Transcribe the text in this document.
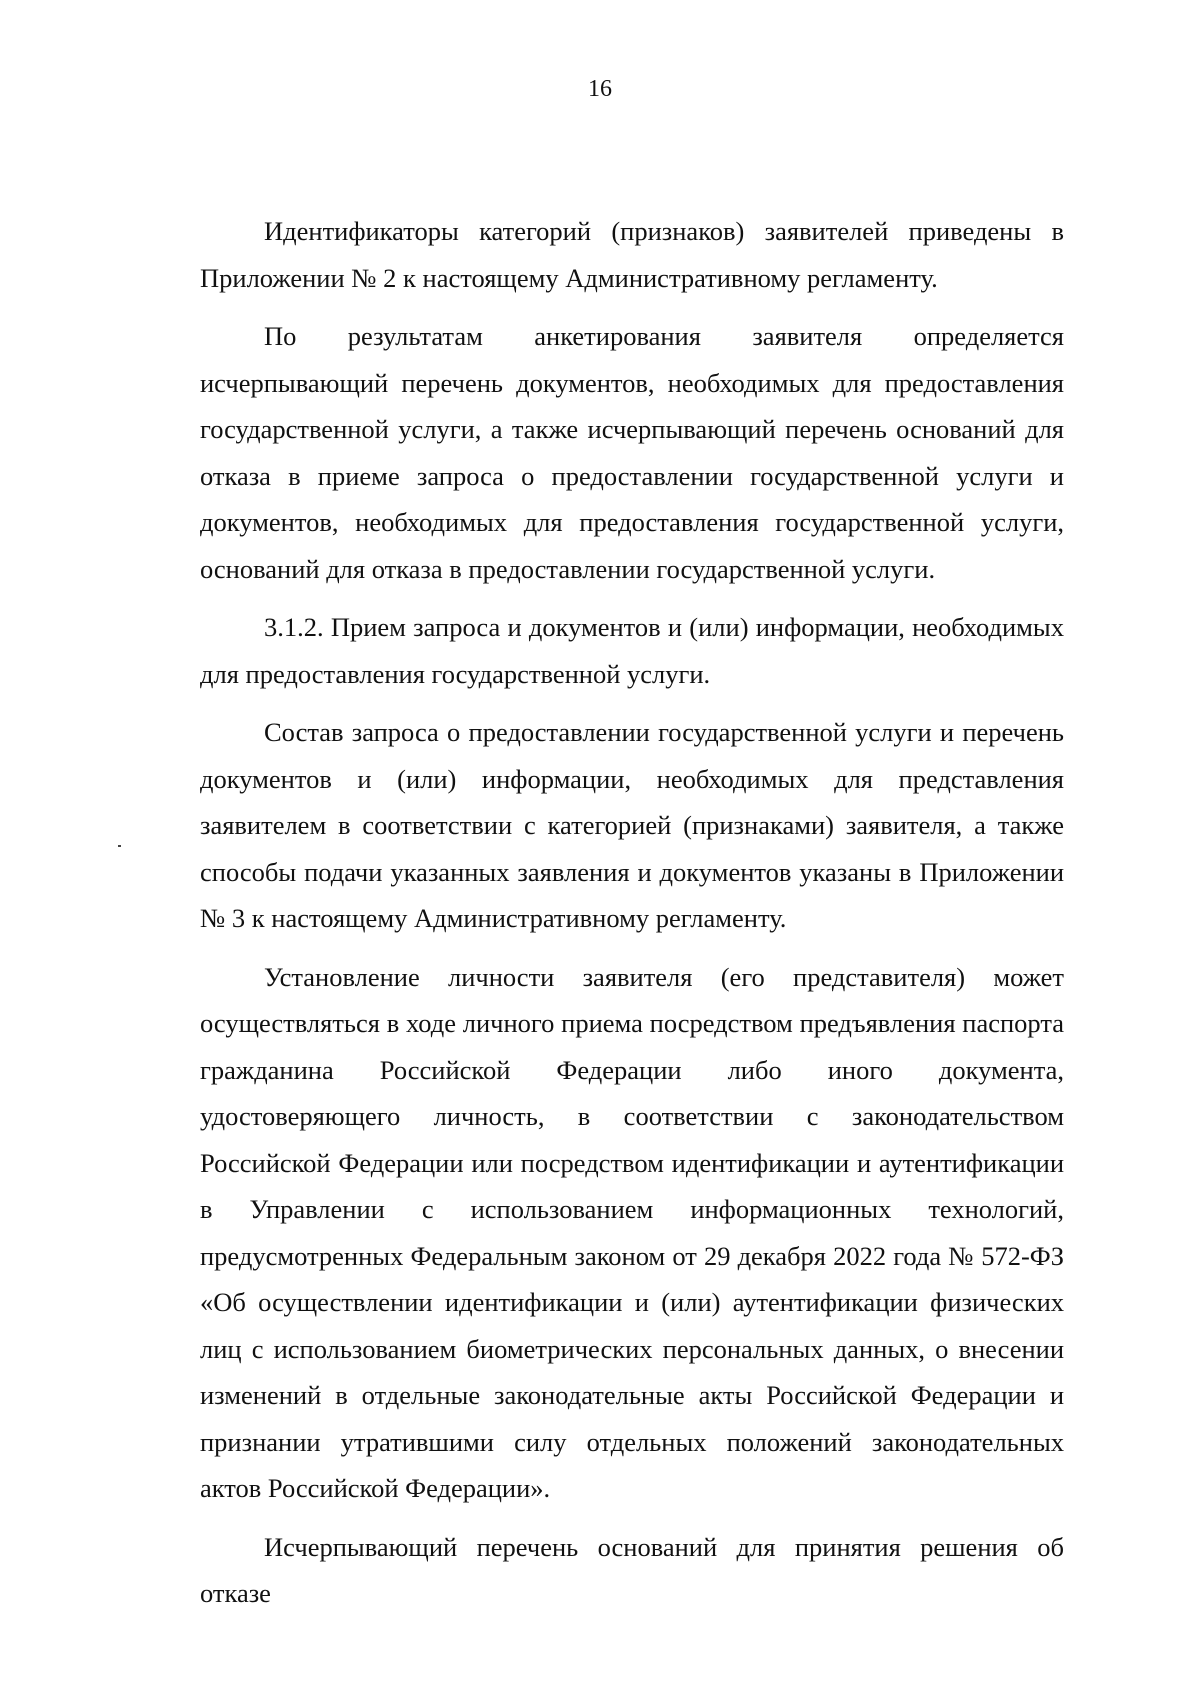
16

Идентификаторы категорий (признаков) заявителей приведены в Приложении № 2 к настоящему Административному регламенту.

По результатам анкетирования заявителя определяется исчерпывающий перечень документов, необходимых для предоставления государственной услуги, а также исчерпывающий перечень оснований для отказа в приеме запроса о предоставлении государственной услуги и документов, необходимых для предоставления государственной услуги, оснований для отказа в предоставлении государственной услуги.

3.1.2. Прием запроса и документов и (или) информации, необходимых для предоставления государственной услуги.

Состав запроса о предоставлении государственной услуги и перечень документов и (или) информации, необходимых для представления заявителем в соответствии с категорией (признаками) заявителя, а также способы подачи указанных заявления и документов указаны в Приложении № 3 к настоящему Административному регламенту.

Установление личности заявителя (его представителя) может осуществляться в ходе личного приема посредством предъявления паспорта гражданина Российской Федерации либо иного документа, удостоверяющего личность, в соответствии с законодательством Российской Федерации или посредством идентификации и аутентификации в Управлении с использованием информационных технологий, предусмотренных Федеральным законом от 29 декабря 2022 года № 572-ФЗ «Об осуществлении идентификации и (или) аутентификации физических лиц с использованием биометрических персональных данных, о внесении изменений в отдельные законодательные акты Российской Федерации и признании утратившими силу отдельных положений законодательных актов Российской Федерации».

Исчерпывающий перечень оснований для принятия решения об отказе
